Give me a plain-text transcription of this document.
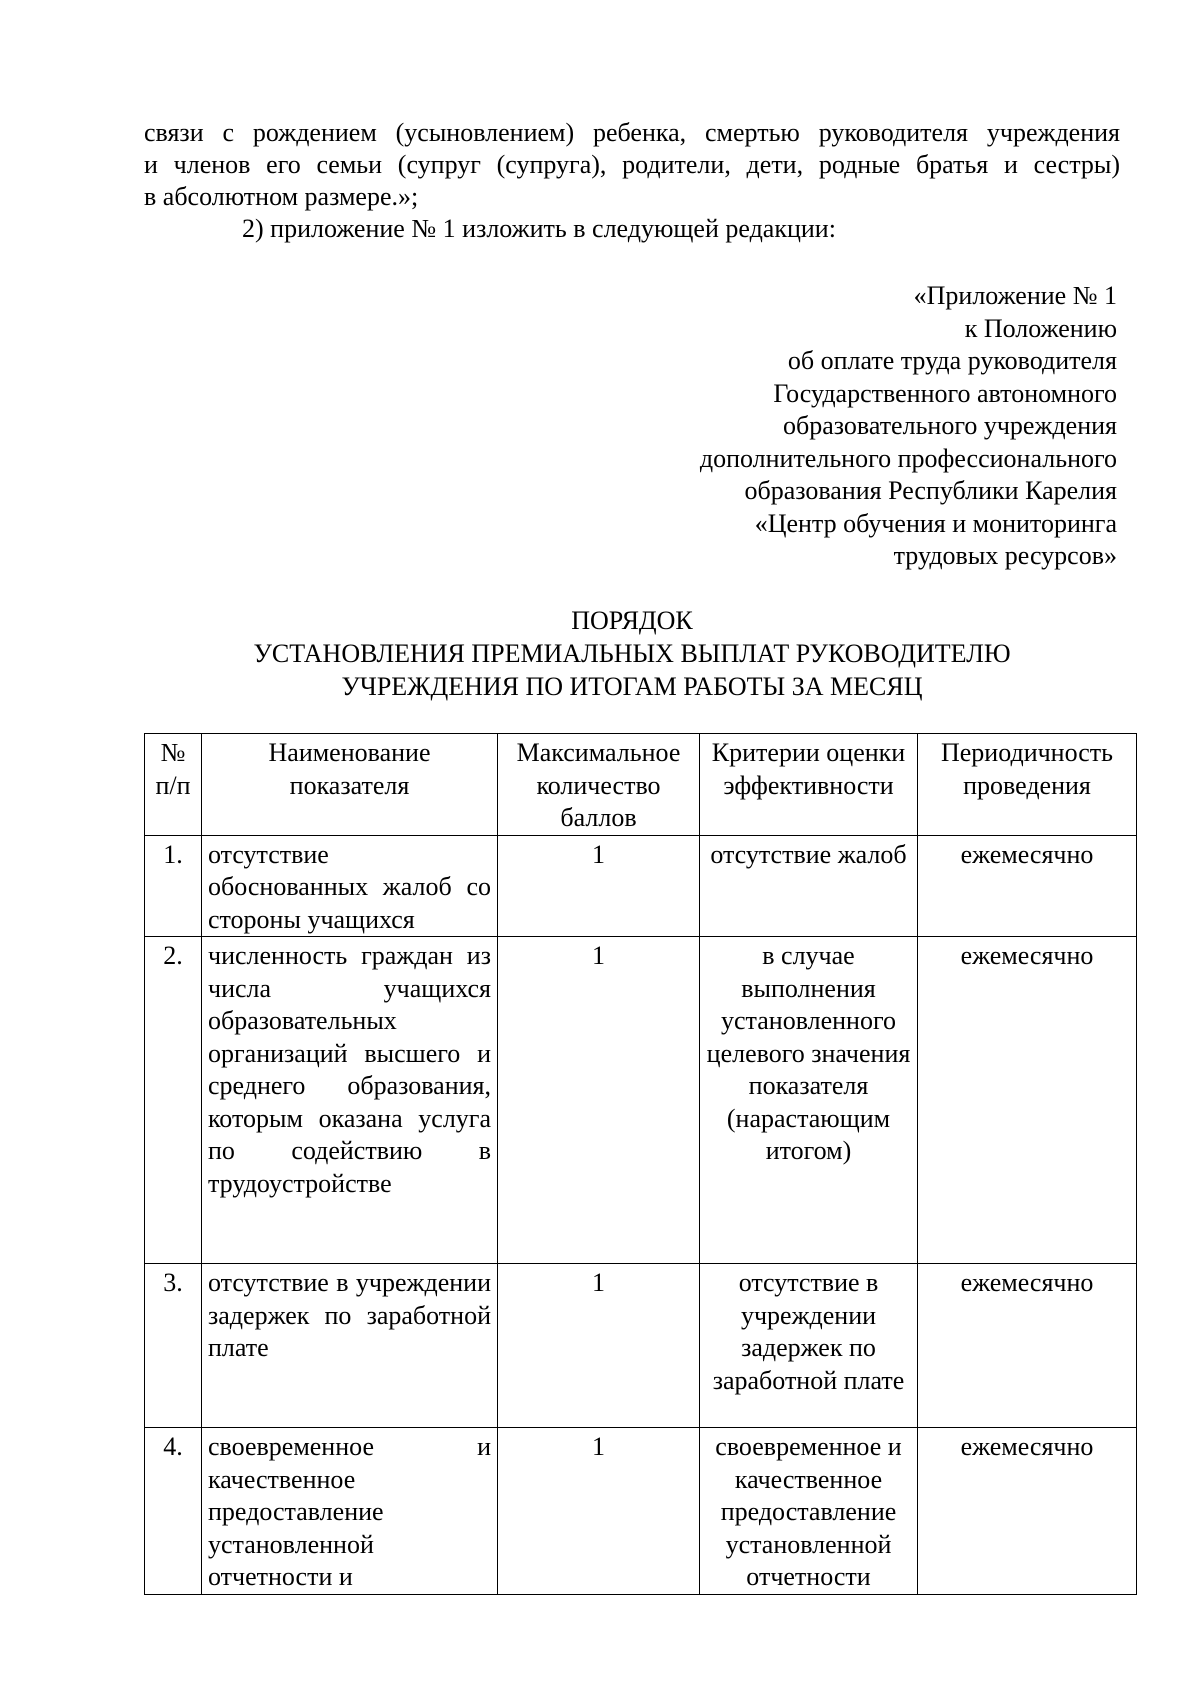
связи с рождением (усыновлением) ребенка, смертью руководителя учреждения

и членов его семьи (супруг (супруга), родители, дети, родные братья и сестры)

в абсолютном размере.»;

2) приложение № 1 изложить в следующей редакции:

«Приложение № 1
к Положению
об оплате труда руководителя
Государственного автономного
образовательного учреждения
дополнительного профессионального
образования Республики Карелия
«Центр обучения и мониторинга
трудовых ресурсов»
ПОРЯДОК
УСТАНОВЛЕНИЯ ПРЕМИАЛЬНЫХ ВЫПЛАТ РУКОВОДИТЕЛЮ
УЧРЕЖДЕНИЯ ПО ИТОГАМ РАБОТЫ ЗА МЕСЯЦ
№ п/п	Наименование показателя	Максимальное количество баллов	Критерии оценки эффективности	Периодичность проведения
1.	отсутствие обоснованных жалоб со стороны учащихся	1	отсутствие жалоб	ежемесячно
2.	численность граждан из числа учащихся образовательных организаций высшего и среднего образования, которым оказана услуга по содействию в трудоустройстве	1	в случае выполнения установленного целевого значения показателя (нарастающим итогом)	ежемесячно
3.	отсутствие в учреждении задержек по заработной плате	1	отсутствие в учреждении задержек по заработной плате	ежемесячно
4.	своевременное и качественное предоставление установленной отчетности и	1	своевременное и качественное предоставление установленной отчетности	ежемесячно
